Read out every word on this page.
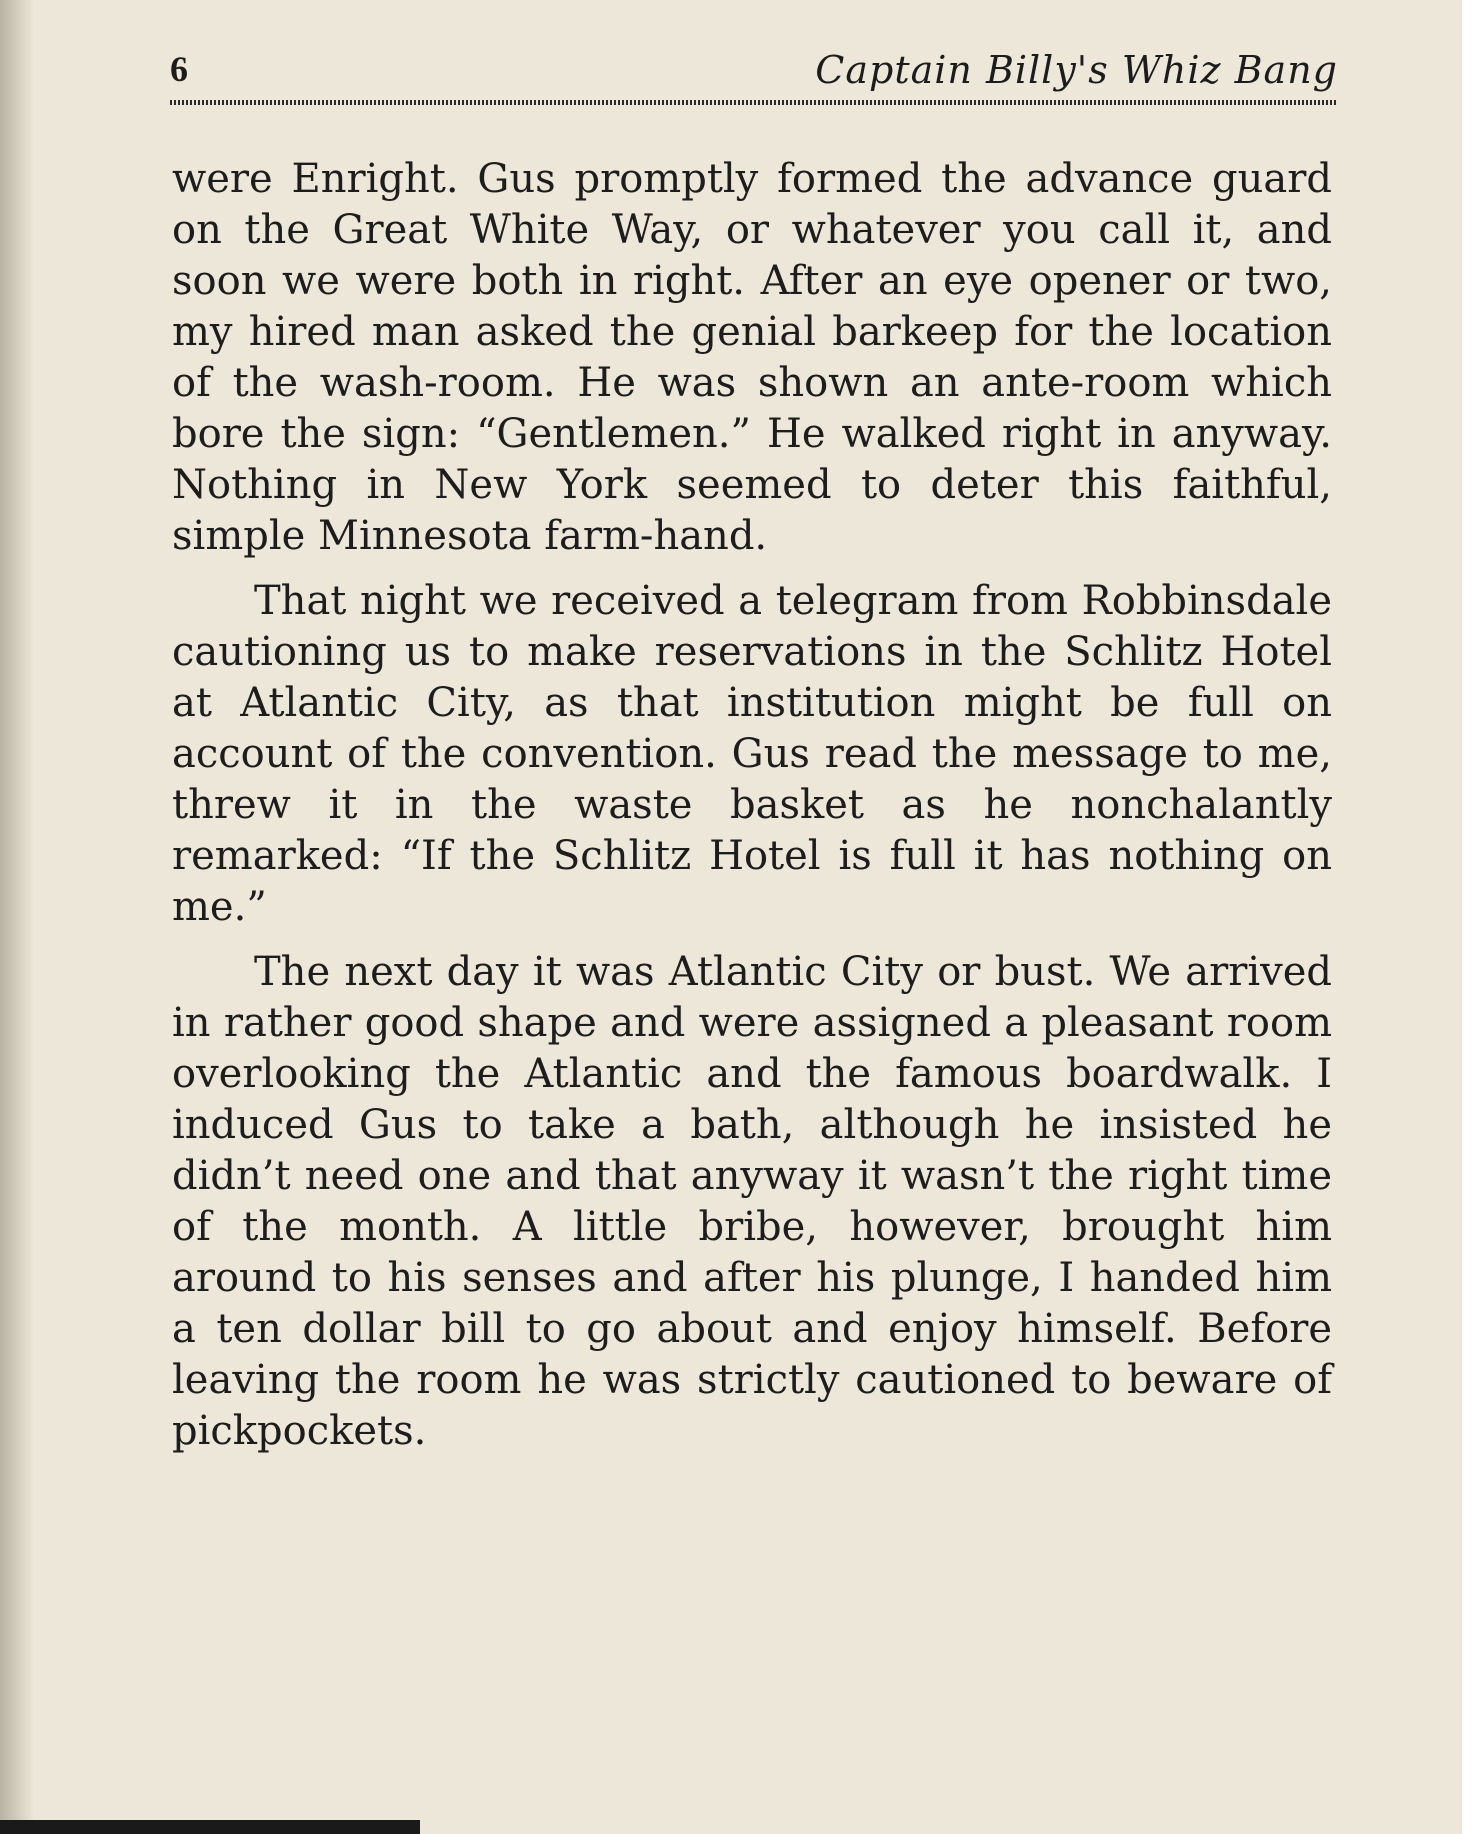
6	Captain Billy's Whiz Bang

were Enright. Gus promptly formed the advance guard on the Great White Way, or whatever you call it, and soon we were both in right. After an eye opener or two, my hired man asked the genial barkeep for the location of the wash-room. He was shown an ante-room which bore the sign: “Gentlemen.” He walked right in anyway. Nothing in New York seemed to deter this faithful, simple Minnesota farm-hand.

That night we received a telegram from Robbinsdale cautioning us to make reservations in the Schlitz Hotel at Atlantic City, as that institution might be full on account of the convention. Gus read the message to me, threw it in the waste basket as he nonchalantly remarked: “If the Schlitz Hotel is full it has nothing on me.”

The next day it was Atlantic City or bust. We arrived in rather good shape and were assigned a pleasant room overlooking the Atlantic and the famous boardwalk. I induced Gus to take a bath, although he insisted he didn’t need one and that anyway it wasn’t the right time of the month. A little bribe, however, brought him around to his senses and after his plunge, I handed him a ten dollar bill to go about and enjoy himself. Before leaving the room he was strictly cautioned to beware of pickpockets.
